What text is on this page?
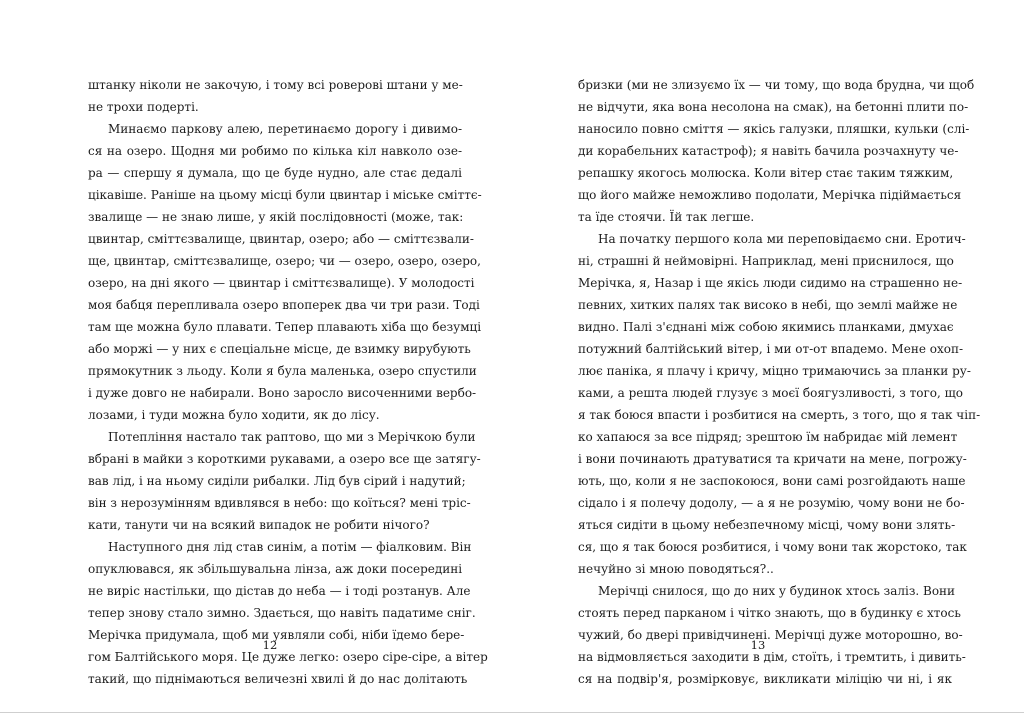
штанку ніколи не закочую, і тому всі роверові штани у ме-
не трохи подерті.
Минаємо паркову алею, перетинаємо дорогу і дивимо-
ся на озеро. Щодня ми робимо по кілька кіл навколо озе-
ра — спершу я думала, що це буде нудно, але стає дедалі
цікавіше. Раніше на цьому місці були цвинтар і міське сміттє-
звалище — не знаю лише, у якій послідовності (може, так:
цвинтар, сміттєзвалище, цвинтар, озеро; або — сміттєзвали-
ще, цвинтар, сміттєзвалище, озеро; чи — озеро, озеро, озеро,
озеро, на дні якого — цвинтар і сміттєзвалище). У молодості
моя бабця перепливала озеро впоперек два чи три рази. Тоді
там ще можна було плавати. Тепер плавають хіба що безумці
або моржі — у них є спеціальне місце, де взимку вирубують
прямокутник з льоду. Коли я була маленька, озеро спустили
і дуже довго не набирали. Воно заросло височенними вербо-
лозами, і туди можна було ходити, як до лісу.
Потепління настало так раптово, що ми з Мерічкою були
вбрані в майки з короткими рукавами, а озеро все ще затягу-
вав лід, і на ньому сиділи рибалки. Лід був сірий і надутий;
він з нерозумінням вдивлявся в небо: що коїться? мені тріс-
кати, танути чи на всякий випадок не робити нічого?
Наступного дня лід став синім, а потім — фіалковим. Він
опуклювався, як збільшувальна лінза, аж доки посередині
не виріс настільки, що дістав до неба — і тоді розтанув. Але
тепер знову стало зимно. Здається, що навіть падатиме сніг.
Мерічка придумала, щоб ми уявляли собі, ніби їдемо бере-
гом Балтійського моря. Це дуже легко: озеро сіре-сіре, а вітер
такий, що піднімаються величезні хвилі й до нас долітають
бризки (ми не злизуємо їх — чи тому, що вода брудна, чи щоб
не відчути, яка вона несолона на смак), на бетонні плити по-
наносило повно сміття — якісь галузки, пляшки, кульки (слі-
ди корабельних катастроф); я навіть бачила розчахнуту че-
репашку якогось молюска. Коли вітер стає таким тяжким,
що його майже неможливо подолати, Мерічка підіймається
та їде стоячи. Їй так легше.
На початку першого кола ми переповідаємо сни. Еротич-
ні, страшні й неймовірні. Наприклад, мені приснилося, що
Мерічка, я, Назар і ще якісь люди сидимо на страшенно не-
певних, хитких палях так високо в небі, що землі майже не
видно. Палі з'єднані між собою якимись планками, дмухає
потужний балтійський вітер, і ми от-от впадемо. Мене охоп-
лює паніка, я плачу і кричу, міцно тримаючись за планки ру-
ками, а решта людей глузує з моєї боягузливості, з того, що
я так боюся впасти і розбитися на смерть, з того, що я так чіп-
ко хапаюся за все підряд; зрештою їм набридає мій лемент
і вони починають дратуватися та кричати на мене, погрожу-
ють, що, коли я не заспокоюся, вони самі розгойдають наше
сідало і я полечу додолу, — а я не розумію, чому вони не бо-
яться сидіти в цьому небезпечному місці, чому вони злять-
ся, що я так боюся розбитися, і чому вони так жорстоко, так
нечуйно зі мною поводяться?..
Мерічці снилося, що до них у будинок хтось заліз. Вони
стоять перед парканом і чітко знають, що в будинку є хтось
чужий, бо двері привідчинені. Мерічці дуже моторошно, во-
на відмовляється заходити в дім, стоїть, і тремтить, і дивить-
ся на подвір'я, розмірковує, викликати міліцію чи ні, і як
12	13
